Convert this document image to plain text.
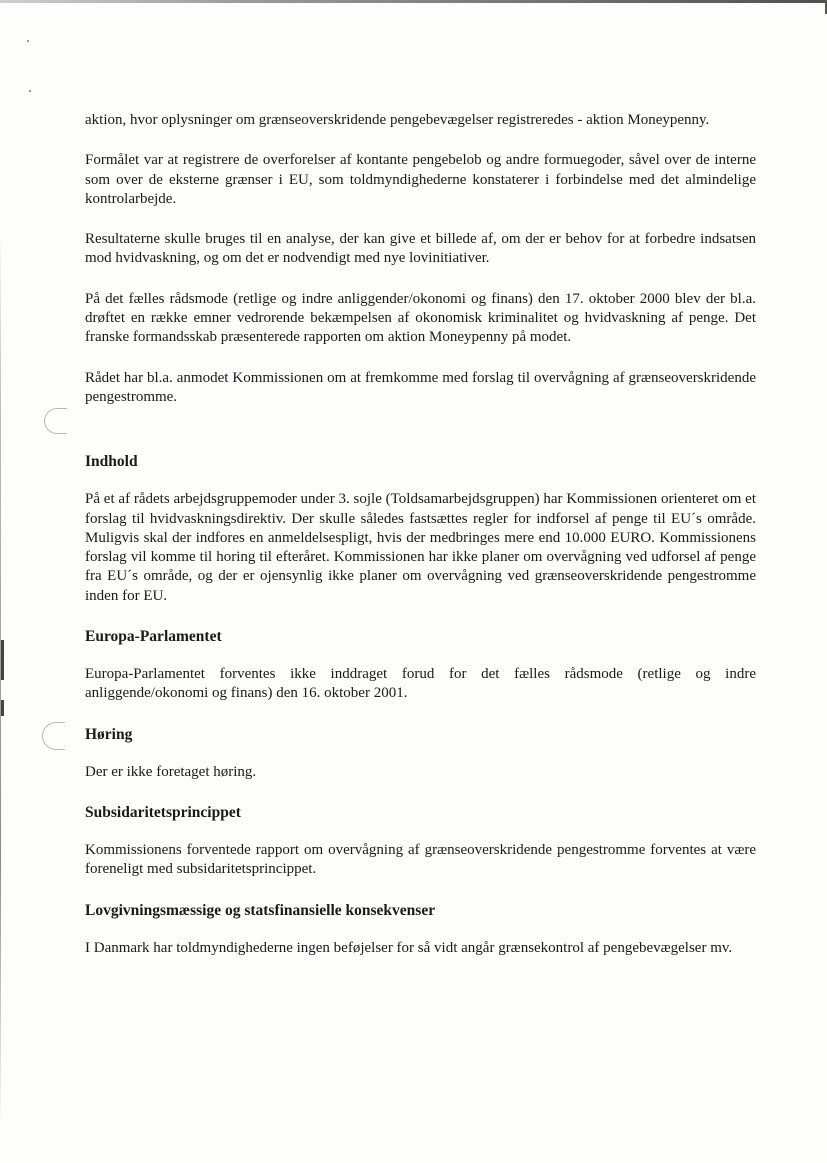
aktion, hvor oplysninger om grænseoverskridende pengebevægelser registreredes - aktion Moneypenny.

Formålet var at registrere de overforelser af kontante pengebelob og andre formuegoder, såvel over de interne som over de eksterne grænser i EU, som toldmyndighederne konstaterer i forbindelse med det almindelige kontrolarbejde.

Resultaterne skulle bruges til en analyse, der kan give et billede af, om der er behov for at forbedre indsatsen mod hvidvaskning, og om det er nodvendigt med nye lovinitiativer.

På det fælles rådsmode (retlige og indre anliggender/okonomi og finans) den 17. oktober 2000 blev der bl.a. drøftet en række emner vedrorende bekæmpelsen af okonomisk kriminalitet og hvidvaskning af penge. Det franske formandsskab præsenterede rapporten om aktion Moneypenny på modet.

Rådet har bl.a. anmodet Kommissionen om at fremkomme med forslag til overvågning af grænseoverskridende pengestromme.

Indhold

På et af rådets arbejdsgruppemoder under 3. sojle (Toldsamarbejdsgruppen) har Kommissionen orienteret om et forslag til hvidvaskningsdirektiv. Der skulle således fastsættes regler for indforsel af penge til EU´s område. Muligvis skal der indfores en anmeldelsespligt, hvis der medbringes mere end 10.000 EURO. Kommissionens forslag vil komme til horing til efteråret. Kommissionen har ikke planer om overvågning ved udforsel af penge fra EU´s område, og der er ojensynlig ikke planer om overvågning ved grænseoverskridende pengestromme inden for EU.

Europa-Parlamentet

Europa-Parlamentet forventes ikke inddraget forud for det fælles rådsmode (retlige og indre anliggende/okonomi og finans) den 16. oktober 2001.

Høring

Der er ikke foretaget høring.

Subsidaritetsprincippet

Kommissionens forventede rapport om overvågning af grænseoverskridende pengestromme forventes at være foreneligt med subsidaritetsprincippet.

Lovgivningsmæssige og statsfinansielle konsekvenser

I Danmark har toldmyndighederne ingen beføjelser for så vidt angår grænsekontrol af pengebevægelser mv.
